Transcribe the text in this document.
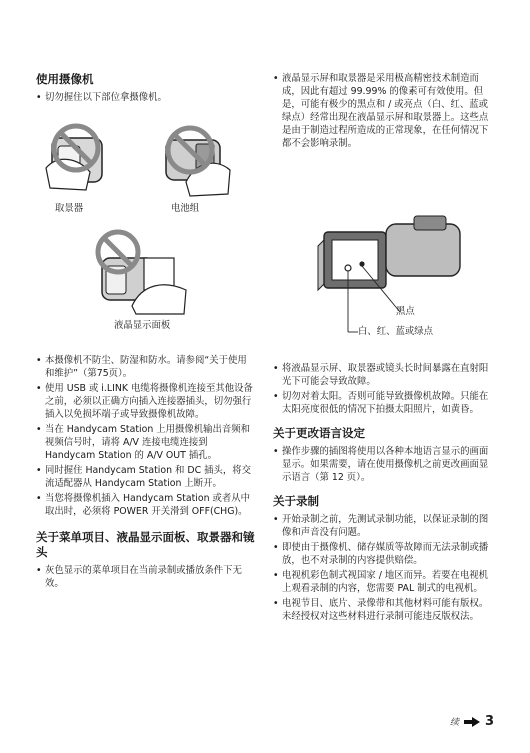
使用摄像机
• 切勿握住以下部位拿摄像机。
取景器	电池组
液晶显示面板
• 本摄像机不防尘、防湿和防水。请参阅“关于使用和维护”（第75页）。
• 使用 USB 或 i.LINK 电缆将摄像机连接至其他设备之前，必须以正确方向插入连接器插头，切勿强行插入以免损坏端子或导致摄像机故障。
• 当在 Handycam Station 上用摄像机输出音频和视频信号时，请将 A/V 连接电缆连接到 Handycam Station 的 A/V OUT 插孔。
• 同时握住 Handycam Station 和 DC 插头，将交流适配器从 Handycam Station 上断开。
• 当您将摄像机插入 Handycam Station 或者从中取出时，必须将 POWER 开关滑到 OFF(CHG)。
关于菜单项目、液晶显示面板、取景器和镜头
• 灰色显示的菜单项目在当前录制或播放条件下无效。
• 液晶显示屏和取景器是采用极高精密技术制造而成，因此有超过 99.99% 的像素可有效使用。但是，可能有极少的黑点和 / 或亮点（白、红、蓝或绿点）经常出现在液晶显示屏和取景器上。这些点是由于制造过程所造成的正常现象，在任何情况下都不会影响录制。
黑点
白、红、蓝或绿点
• 将液晶显示屏、取景器或镜头长时间暴露在直射阳光下可能会导致故障。
• 切勿对着太阳。否则可能导致摄像机故障。只能在太阳亮度很低的情况下拍摄太阳照片，如黄昏。
关于更改语言设定
• 操作步骤的插图将使用以各种本地语言显示的画面显示。如果需要，请在使用摄像机之前更改画面显示语言（第 12 页）。
关于录制
• 开始录制之前，先测试录制功能，以保证录制的图像和声音没有问题。
• 即使由于摄像机、储存媒质等故障而无法录制或播放，也不对录制的内容提供赔偿。
• 电视机彩色制式视国家 / 地区而异。若要在电视机上观看录制的内容，您需要 PAL 制式的电视机。
• 电视节目、底片、录像带和其他材料可能有版权。未经授权对这些材料进行录制可能违反版权法。
续 3
